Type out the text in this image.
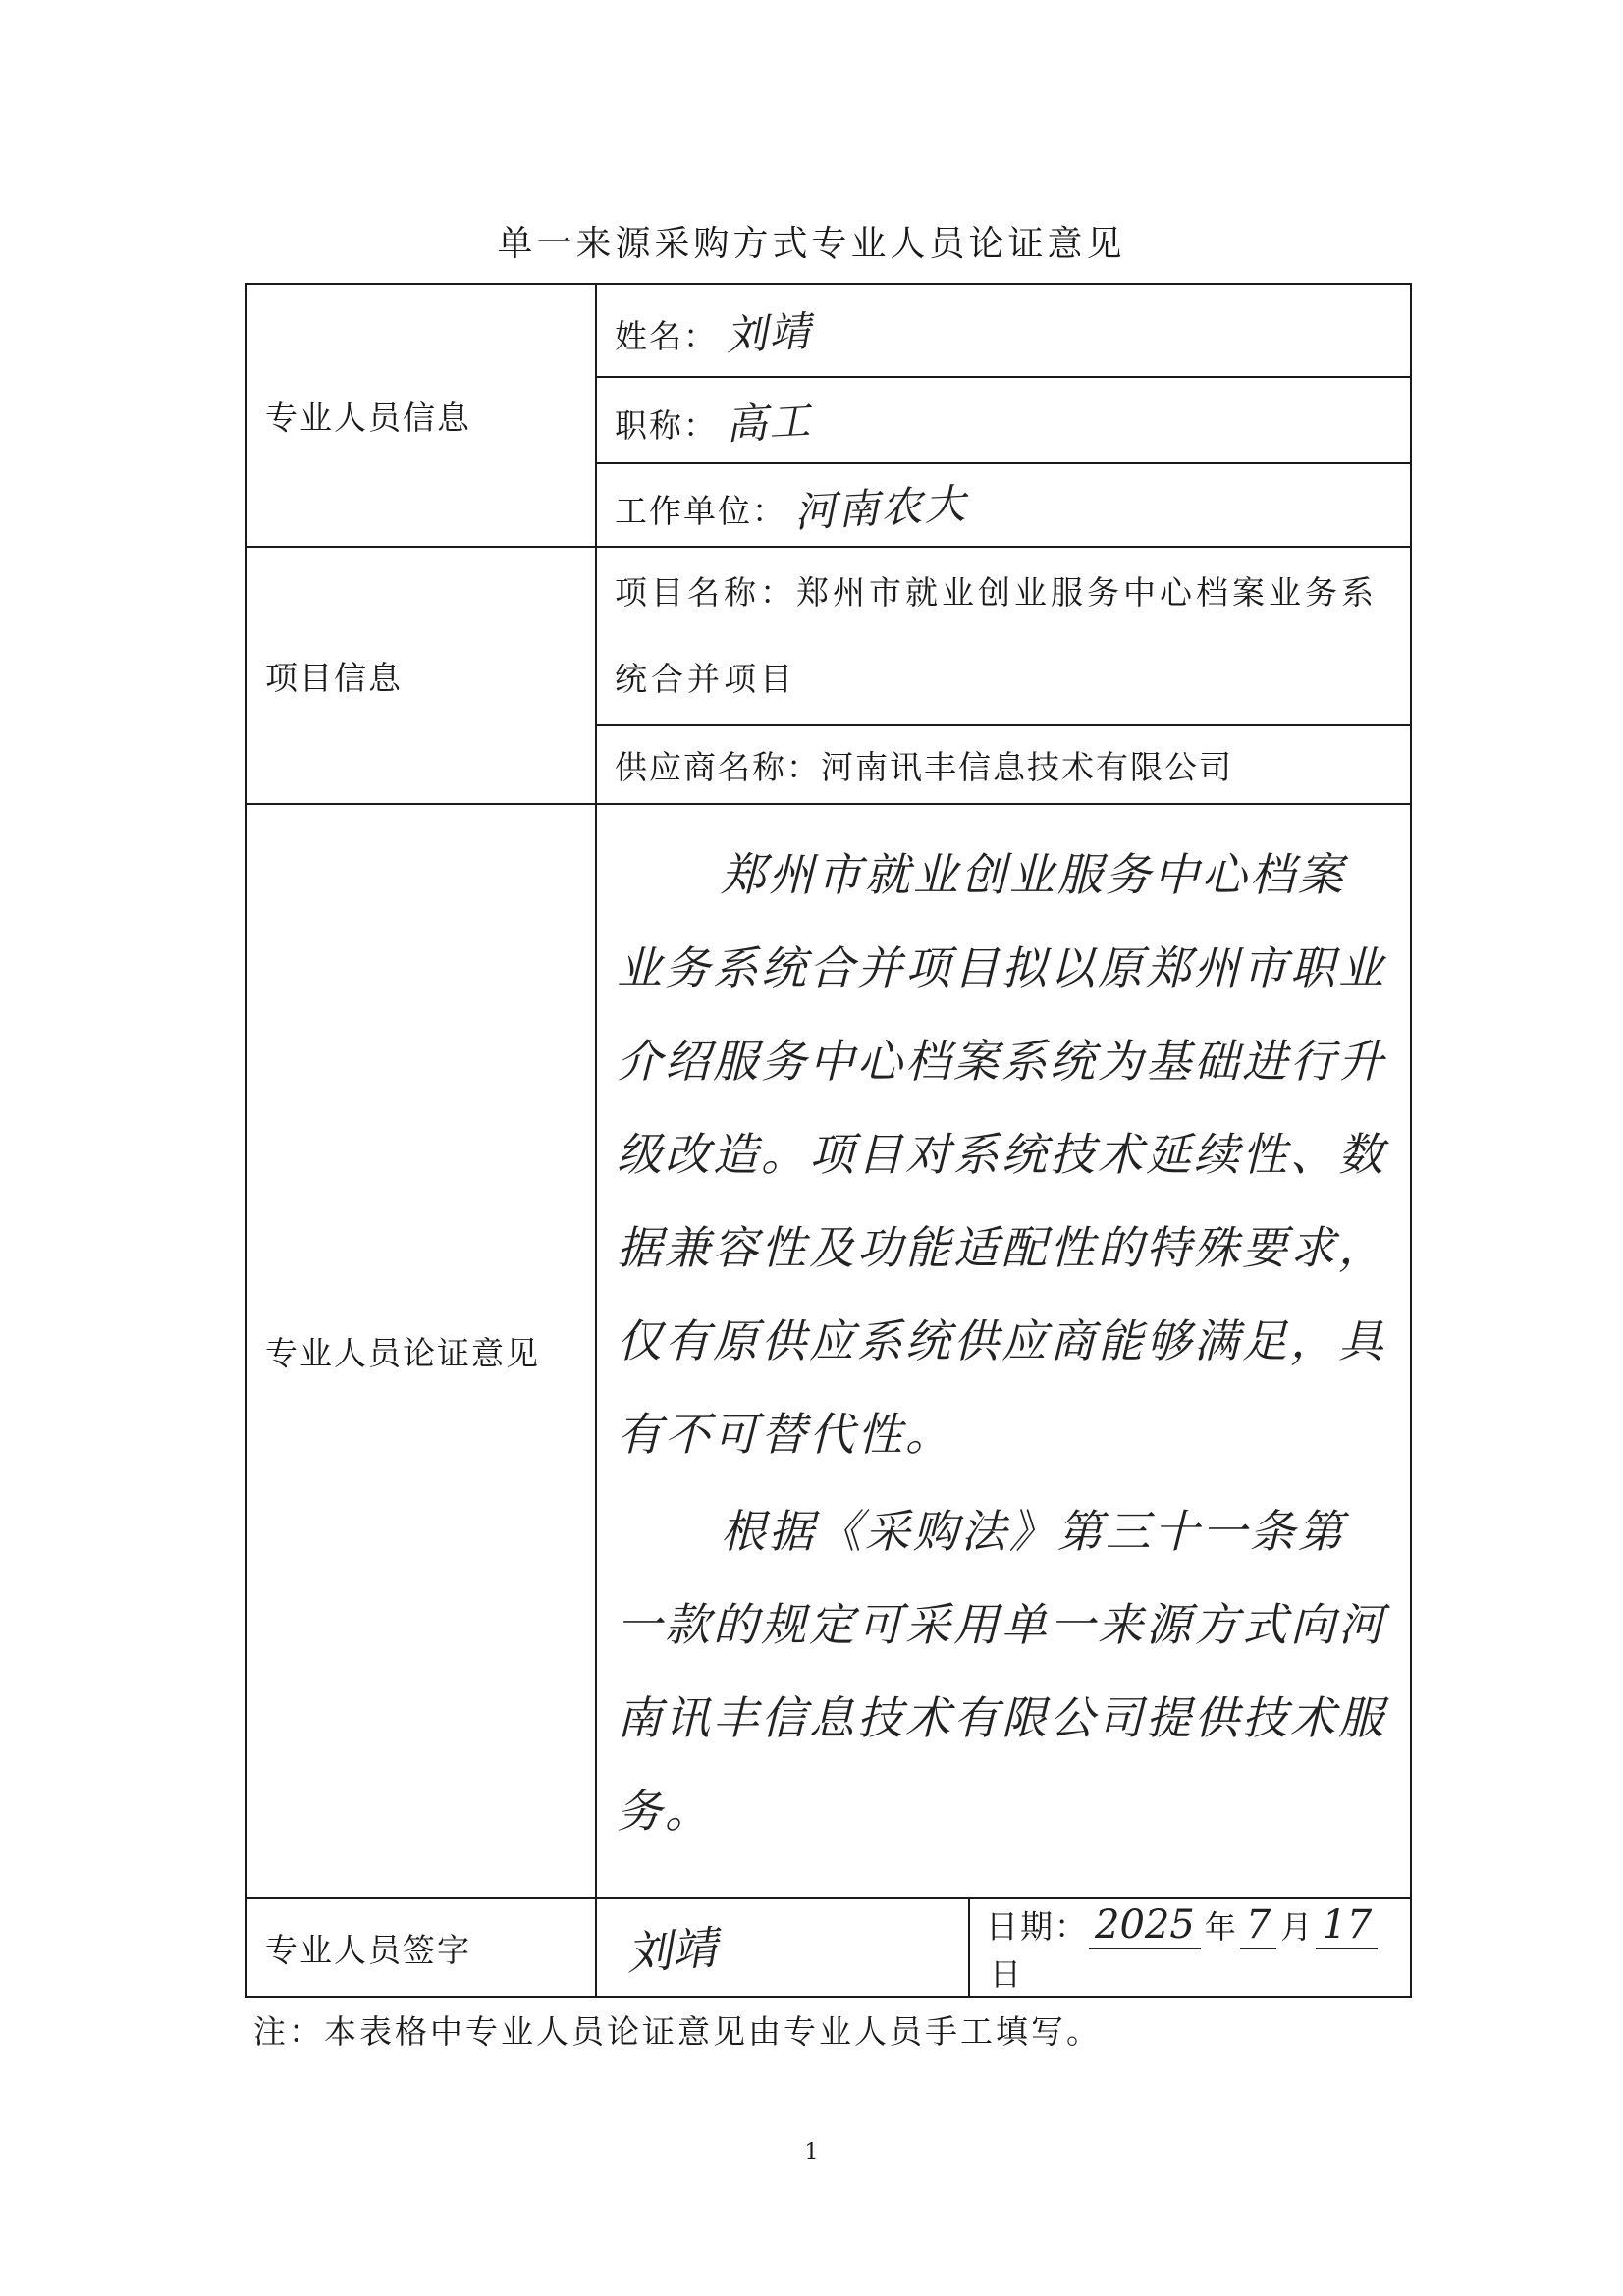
单一来源采购方式专业人员论证意见
专业人员信息	姓名： 刘靖	
	职称： 高工	
	工作单位： 河南农大	
项目信息	项目名称：郑州市就业创业服务中心档案业务系统合并项目	
	供应商名称：河南讯丰信息技术有限公司	
专业人员论证意见	郑州市就业创业服务中心档案业务系统合并项目拟以原郑州市职业介绍服务中心档案系统为基础进行升级改造。项目对系统技术延续性、数据兼容性及功能适配性的特殊要求，仅有原供应系统供应商能够满足，具有不可替代性。

根据《采购法》第三十一条第一款的规定可采用单一来源方式向河南讯丰信息技术有限公司提供技术服务。	

专业人员签字	刘靖	日期： 2025 年 7 月 17日
注：本表格中专业人员论证意见由专业人员手工填写。
1
